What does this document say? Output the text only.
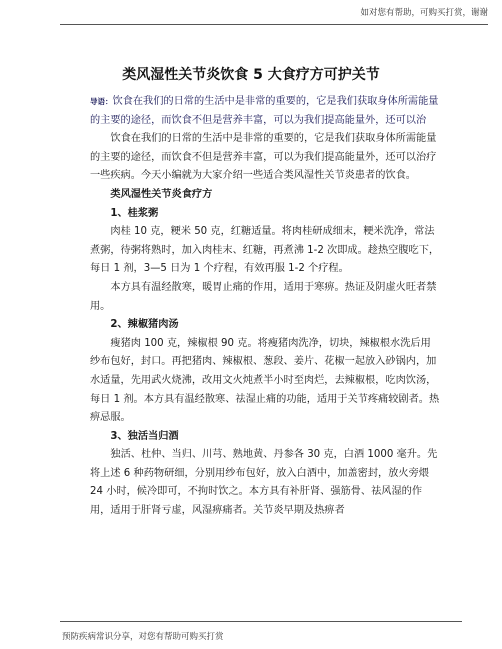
如对您有帮助，可购买打赏，谢谢
类风湿性关节炎饮食 5 大食疗方可护关节

导语：饮食在我们的日常的生活中是非常的重要的，它是我们获取身体所需能量的主要的途径，而饮食不但是营养丰富，可以为我们提高能量外，还可以治

饮食在我们的日常的生活中是非常的重要的，它是我们获取身体所需能量的主要的途径，而饮食不但是营养丰富，可以为我们提高能量外，还可以治疗一些疾病。今天小编就为大家介绍一些适合类风湿性关节炎患者的饮食。

类风湿性关节炎食疗方

1、桂浆粥

肉桂 10 克，粳米 50 克，红糖适量。将肉桂研成细末，粳米洗净，常法煮粥，待粥将熟时，加入肉桂末、红糖，再煮沸 1-2 次即成。趁热空腹吃下，每日 1 剂，3—5 日为 1 个疗程，有效再服 1-2 个疗程。

本方具有温经散寒，暖胃止痛的作用，适用于寒痹。热证及阴虚火旺者禁用。

2、辣椒猪肉汤

瘦猪肉 100 克，辣椒根 90 克。将瘦猪肉洗净，切块，辣椒根水洗后用纱布包好，封口。再把猪肉、辣椒根、葱段、姜片、花椒一起放入砂锅内，加水适量，先用武火烧沸，改用文火炖煮半小时至肉烂，去辣椒根，吃肉饮汤，每日 1 剂。本方具有温经散寒、祛湿止痛的功能，适用于关节疼痛较剧者。热痹忌服。

3、独活当归酒

独活、杜仲、当归、川芎、熟地黄、丹参各 30 克，白酒 1000 毫升。先将上述 6 种药物研细，分别用纱布包好，放入白酒中，加盖密封，放火旁煨 24 小时，候冷即可，不拘时饮之。本方具有补肝肾、强筋骨、祛风湿的作用，适用于肝肾亏虚，风湿痹痛者。关节炎早期及热痹者

预防疾病常识分享，对您有帮助可购买打赏
